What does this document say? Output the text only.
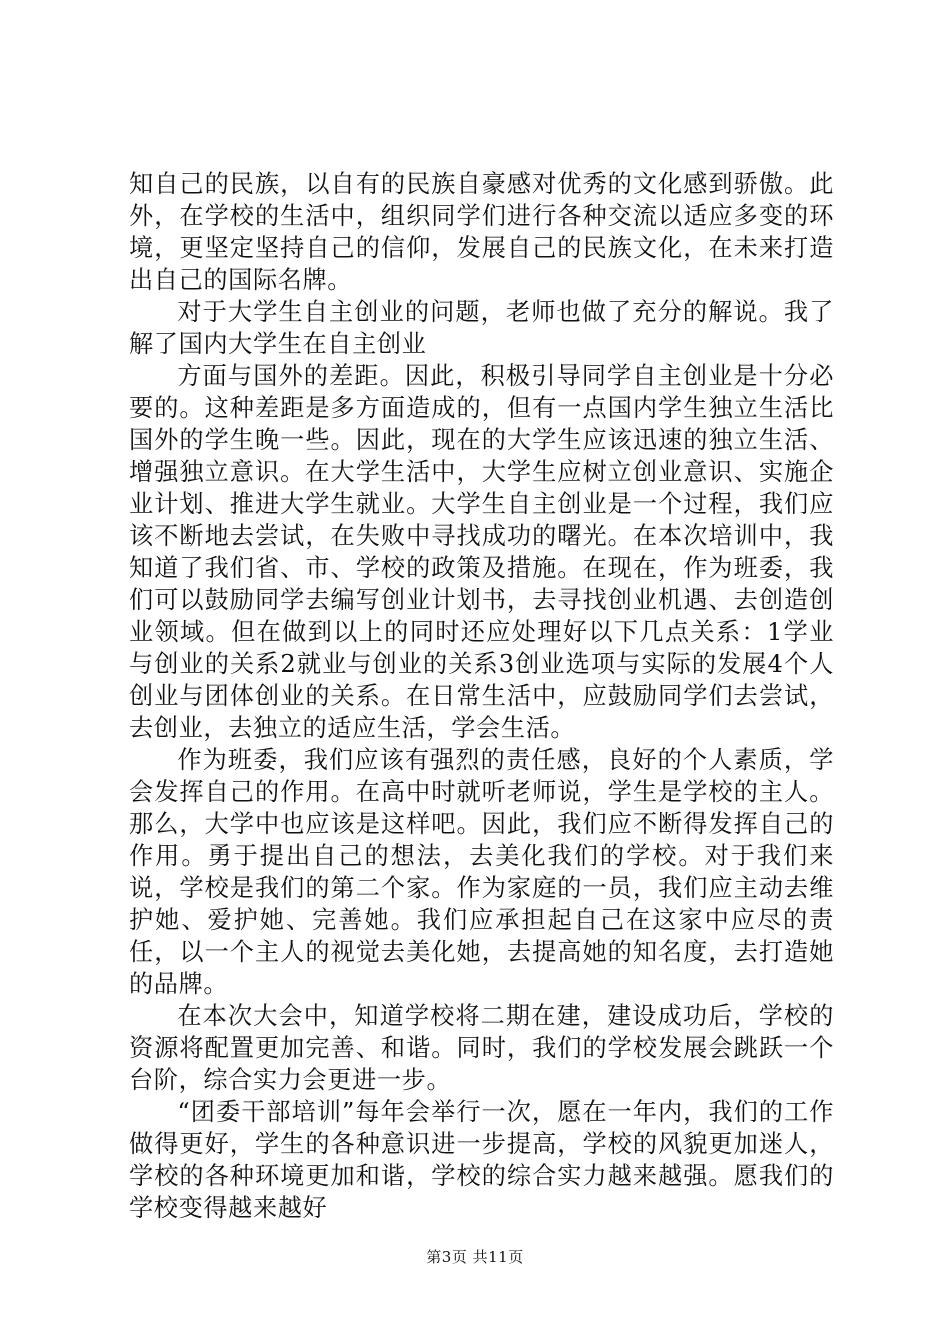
知自己的民族，以自有的民族自豪感对优秀的文化感到骄傲。此外，在学校的生活中，组织同学们进行各种交流以适应多变的环境，更坚定坚持自己的信仰，发展自己的民族文化，在未来打造出自己的国际名牌。

对于大学生自主创业的问题，老师也做了充分的解说。我了解了国内大学生在自主创业

方面与国外的差距。因此，积极引导同学自主创业是十分必要的。这种差距是多方面造成的，但有一点国内学生独立生活比国外的学生晚一些。因此，现在的大学生应该迅速的独立生活、增强独立意识。在大学生活中，大学生应树立创业意识、实施企业计划、推进大学生就业。大学生自主创业是一个过程，我们应该不断地去尝试，在失败中寻找成功的曙光。在本次培训中，我知道了我们省、市、学校的政策及措施。在现在，作为班委，我们可以鼓励同学去编写创业计划书，去寻找创业机遇、去创造创业领域。但在做到以上的同时还应处理好以下几点关系：1学业与创业的关系2就业与创业的关系3创业选项与实际的发展4个人创业与团体创业的关系。在日常生活中，应鼓励同学们去尝试，去创业，去独立的适应生活，学会生活。

作为班委，我们应该有强烈的责任感，良好的个人素质，学会发挥自己的作用。在高中时就听老师说，学生是学校的主人。那么，大学中也应该是这样吧。因此，我们应不断得发挥自己的作用。勇于提出自己的想法，去美化我们的学校。对于我们来说，学校是我们的第二个家。作为家庭的一员，我们应主动去维护她、爱护她、完善她。我们应承担起自己在这家中应尽的责任，以一个主人的视觉去美化她，去提高她的知名度，去打造她的品牌。

在本次大会中，知道学校将二期在建，建设成功后，学校的资源将配置更加完善、和谐。同时，我们的学校发展会跳跃一个台阶，综合实力会更进一步。

“团委干部培训”每年会举行一次，愿在一年内，我们的工作做得更好，学生的各种意识进一步提高，学校的风貌更加迷人，学校的各种环境更加和谐，学校的综合实力越来越强。愿我们的学校变得越来越好

第3页 共11页
